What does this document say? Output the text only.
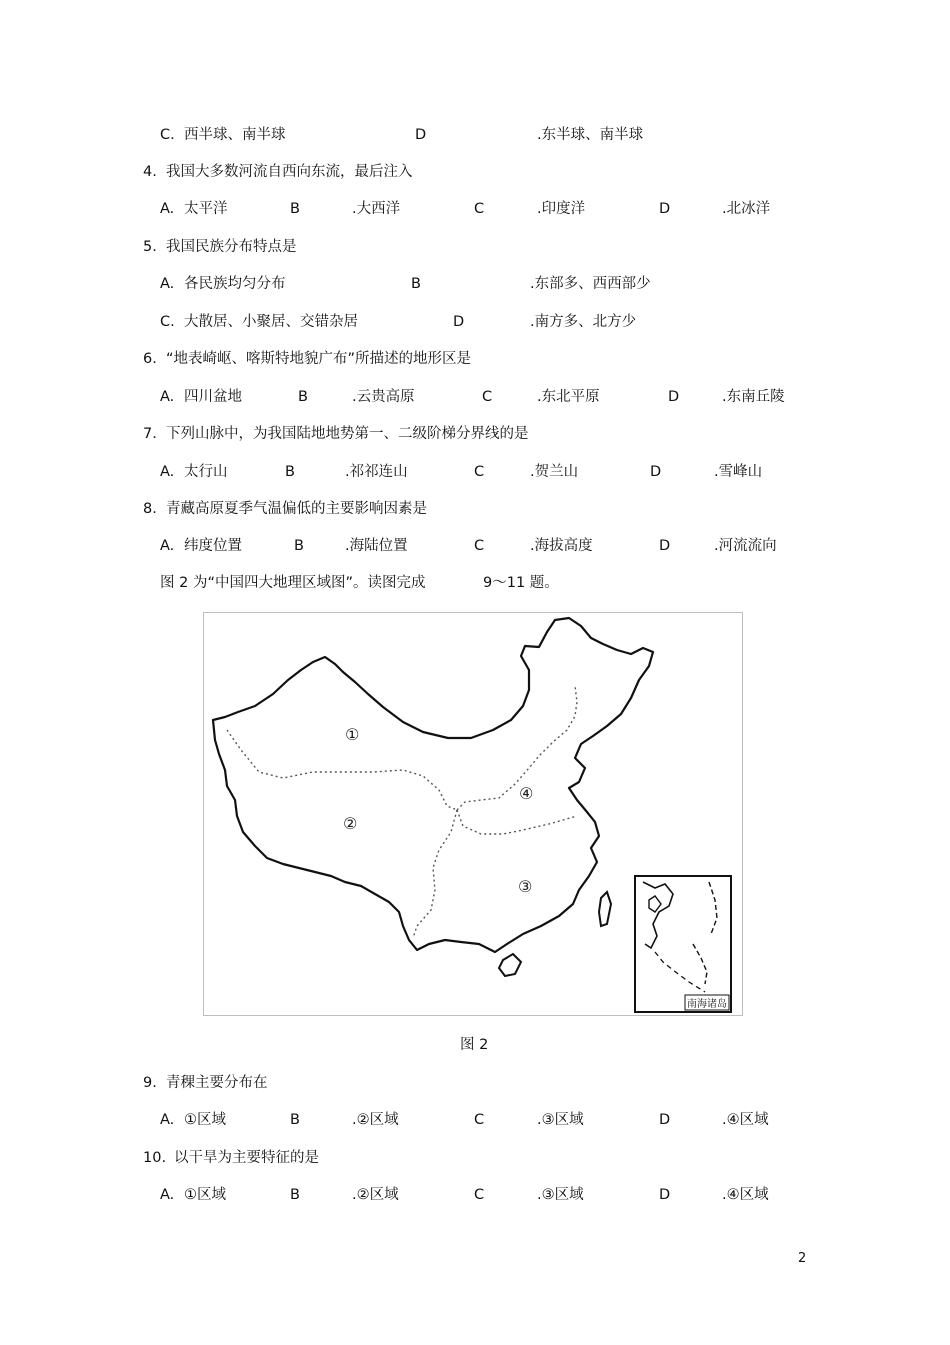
C. 西半球、南半球	D	.东半球、南半球
4. 我国大多数河流自西向东流，最后注入
A. 太平洋	B	.大西洋	C	.印度洋	D	.北冰洋
5. 我国民族分布特点是
A. 各民族均匀分布	B	.东部多、西西部少
C. 大散居、小聚居、交错杂居	D	.南方多、北方少
6. “地表崎岖、喀斯特地貌广布”所描述的地形区是
A. 四川盆地	B	.云贵高原	C	.东北平原	D	.东南丘陵
7. 下列山脉中，为我国陆地地势第一、二级阶梯分界线的是
A. 太行山	B	.祁祁连山	C	.贺兰山	D	.雪峰山
8. 青藏高原夏季气温偏低的主要影响因素是
A. 纬度位置	B	.海陆位置	C	.海拔高度	D	.河流流向
图 2 为“中国四大地理区域图”。读图完成	9～11 题。
①
②
③
④
南海诸岛
图 2
9. 青稞主要分布在
A. ①区域	B	.②区域	C	.③区域	D	.④区域
10. 以干旱为主要特征的是
A. ①区域	B	.②区域	C	.③区域	D	.④区域
2
